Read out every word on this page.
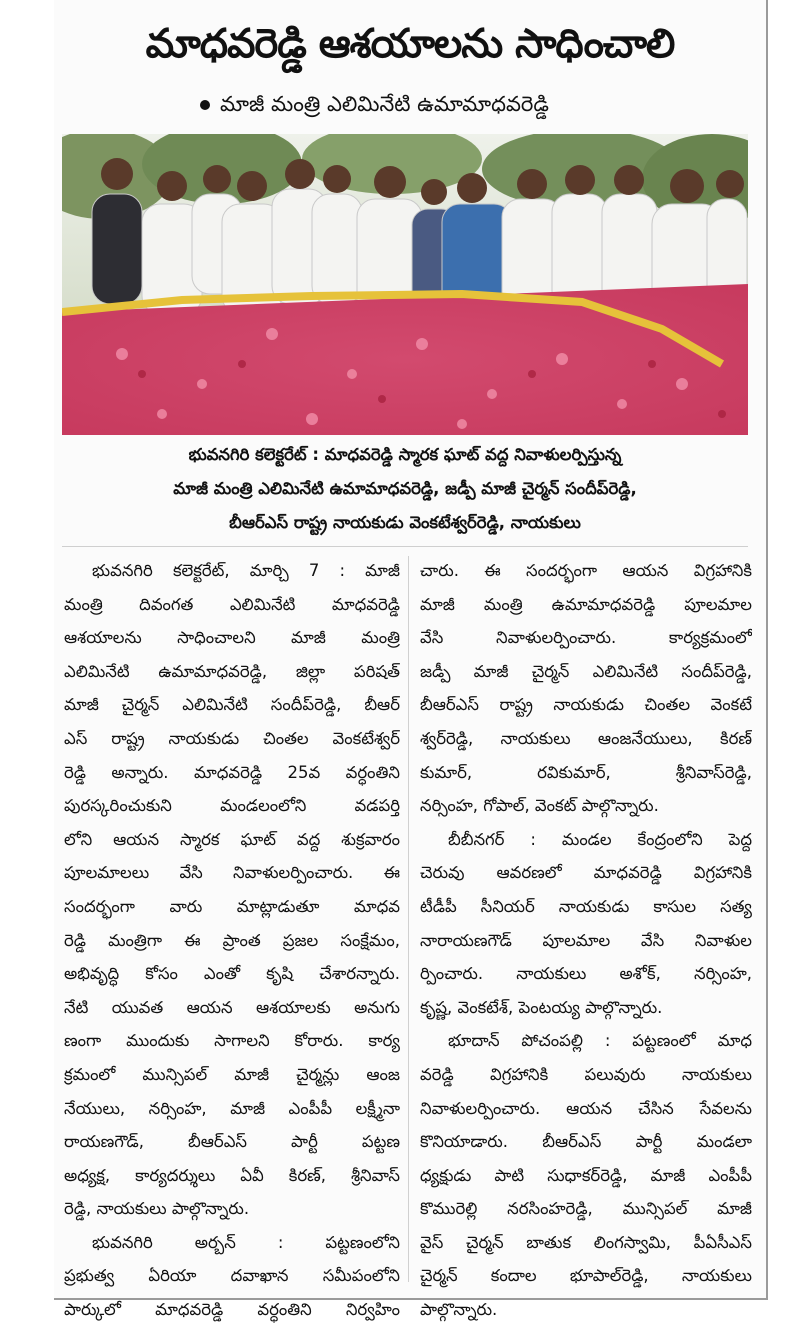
మాధవరెడ్డి ఆశయాలను సాధించాలి
మాజీ మంత్రి ఎలిమినేటి ఉమామాధవరెడ్డి
భువనగిరి కలెక్టరేట్ : మాధవరెడ్డి స్మారక ఘాట్ వద్ద నివాళులర్పిస్తున్న
మాజీ మంత్రి ఎలిమినేటి ఉమామాధవరెడ్డి, జడ్పీ మాజీ చైర్మన్ సందీప్‌రెడ్డి,
బీఆర్ఎస్ రాష్ట్ర నాయకుడు వెంకటేశ్వర్‌రెడ్డి, నాయకులు
భువనగిరి కలెక్టరేట్, మార్చి 7 : మాజీ
మంత్రి దివంగత ఎలిమినేటి మాధవరెడ్డి
ఆశయాలను సాధించాలని మాజీ మంత్రి
ఎలిమినేటి ఉమామాధవరెడ్డి, జిల్లా పరిషత్
మాజీ చైర్మన్ ఎలిమినేటి సందీప్‌రెడ్డి, బీఆర్
ఎస్ రాష్ట్ర నాయకుడు చింతల వెంకటేశ్వర్
రెడ్డి అన్నారు. మాధవరెడ్డి 25వ వర్ధంతిని
పురస్కరించుకుని మండలంలోని వడపర్తి
లోని ఆయన స్మారక ఘాట్ వద్ద శుక్రవారం
పూలమాలలు వేసి నివాళులర్పించారు. ఈ
సందర్భంగా వారు మాట్లాడుతూ మాధవ
రెడ్డి మంత్రిగా ఈ ప్రాంత ప్రజల సంక్షేమం,
అభివృద్ధి కోసం ఎంతో కృషి చేశారన్నారు.
నేటి యువత ఆయన ఆశయాలకు అనుగు
ణంగా ముందుకు సాగాలని కోరారు. కార్య
క్రమంలో మున్సిపల్ మాజీ చైర్మన్లు ఆంజ
నేయులు, నర్సింహ, మాజీ ఎంపీపీ లక్ష్మీనా
రాయణగౌడ్, బీఆర్ఎస్ పార్టీ పట్టణ
అధ్యక్ష, కార్యదర్శులు ఏవీ కిరణ్, శ్రీనివాస్
రెడ్డి, నాయకులు పాల్గొన్నారు.
భువనగిరి అర్బన్ : పట్టణంలోని
ప్రభుత్వ ఏరియా దవాఖాన సమీపంలోని
పార్కులో మాధవరెడ్డి వర్ధంతిని నిర్వహిం
చారు. ఈ సందర్భంగా ఆయన విగ్రహానికి
మాజీ మంత్రి ఉమామాధవరెడ్డి పూలమాల
వేసి నివాళులర్పించారు. కార్యక్రమంలో
జడ్పీ మాజీ చైర్మన్ ఎలిమినేటి సందీప్‌రెడ్డి,
బీఆర్ఎస్ రాష్ట్ర నాయకుడు చింతల వెంకటే
శ్వర్‌రెడ్డి, నాయకులు ఆంజనేయులు, కిరణ్
కుమార్, రవికుమార్, శ్రీనివాస్‌రెడ్డి,
నర్సింహ, గోపాల్, వెంకట్ పాల్గొన్నారు.
బీబీనగర్ : మండల కేంద్రంలోని పెద్ద
చెరువు ఆవరణలో మాధవరెడ్డి విగ్రహానికి
టీడీపీ సీనియర్ నాయకుడు కాసుల సత్య
నారాయణగౌడ్ పూలమాల వేసి నివాళుల
ర్పించారు. నాయకులు అశోక్, నర్సింహ,
కృష్ణ, వెంకటేశ్, పెంటయ్య పాల్గొన్నారు.
భూదాన్ పోచంపల్లి : పట్టణంలో మాధ
వరెడ్డి విగ్రహానికి పలువురు నాయకులు
నివాళులర్పించారు. ఆయన చేసిన సేవలను
కొనియాడారు. బీఆర్ఎస్ పార్టీ మండలా
ధ్యక్షుడు పాటి సుధాకర్‌రెడ్డి, మాజీ ఎంపీపీ
కొమురెల్లి నరసింహరెడ్డి, మున్సిపల్ మాజీ
వైస్ చైర్మన్ బాతుక లింగస్వామి, పీఏసీఎస్
చైర్మన్ కందాల భూపాల్‌రెడ్డి, నాయకులు
పాల్గొన్నారు.
